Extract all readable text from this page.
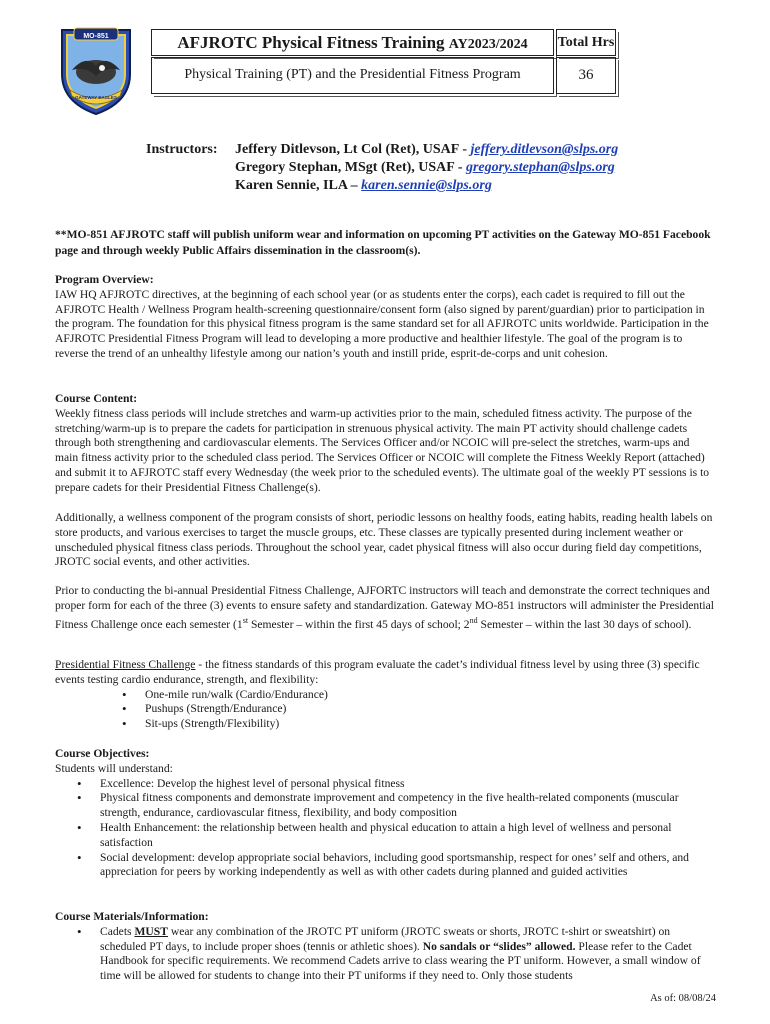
MO-851
GATEWAY EAGLES
AFJROTC Physical Fitness Training AY2023/2024
Physical Training (PT) and the Presidential Fitness Program
Total Hrs
36
Instructors: Jeffery Ditlevson, Lt Col (Ret), USAF - jeffery.ditlevson@slps.org
Gregory Stephan, MSgt (Ret), USAF - gregory.stephan@slps.org
Karen Sennie, ILA – karen.sennie@slps.org

**MO-851 AFJROTC staff will publish uniform wear and information on upcoming PT activities on the Gateway MO-851 Facebook page and through weekly Public Affairs dissemination in the classroom(s).

Program Overview:

IAW HQ AFJROTC directives, at the beginning of each school year (or as students enter the corps), each cadet is required to fill out the AFJROTC Health / Wellness Program health-screening questionnaire/consent form (also signed by parent/guardian) prior to participation in the program. The foundation for this physical fitness program is the same standard set for all AFJROTC units worldwide. Participation in the AFJROTC Presidential Fitness Program will lead to developing a more productive and healthier lifestyle. The goal of the program is to reverse the trend of an unhealthy lifestyle among our nation’s youth and instill pride, esprit-de-corps and unit cohesion.

Course Content:

Weekly fitness class periods will include stretches and warm-up activities prior to the main, scheduled fitness activity. The purpose of the stretching/warm-up is to prepare the cadets for participation in strenuous physical activity. The main PT activity should challenge cadets through both strengthening and cardiovascular elements. The Services Officer and/or NCOIC will pre-select the stretches, warm-ups and main fitness activity prior to the scheduled class period. The Services Officer or NCOIC will complete the Fitness Weekly Report (attached) and submit it to AFJROTC staff every Wednesday (the week prior to the scheduled events). The ultimate goal of the weekly PT sessions is to prepare cadets for their Presidential Fitness Challenge(s).

Additionally, a wellness component of the program consists of short, periodic lessons on healthy foods, eating habits, reading health labels on store products, and various exercises to target the muscle groups, etc. These classes are typically presented during inclement weather or unscheduled physical fitness class periods. Throughout the school year, cadet physical fitness will also occur during field day competitions, JROTC social events, and other activities.

Prior to conducting the bi-annual Presidential Fitness Challenge, AJFORTC instructors will teach and demonstrate the correct techniques and proper form for each of the three (3) events to ensure safety and standardization. Gateway MO-851 instructors will administer the Presidential Fitness Challenge once each semester (1st Semester – within the first 45 days of school; 2nd Semester – within the last 30 days of school).

Presidential Fitness Challenge - the fitness standards of this program evaluate the cadet’s individual fitness level by using three (3) specific events testing cardio endurance, strength, and flexibility:

• One-mile run/walk (Cardio/Endurance)
• Pushups (Strength/Endurance)
• Sit-ups (Strength/Flexibility)

Course Objectives:

Students will understand:

• Excellence: Develop the highest level of personal physical fitness
• Physical fitness components and demonstrate improvement and competency in the five health-related components (muscular strength, endurance, cardiovascular fitness, flexibility, and body composition
• Health Enhancement: the relationship between health and physical education to attain a high level of wellness and personal satisfaction
• Social development: develop appropriate social behaviors, including good sportsmanship, respect for ones’ self and others, and appreciation for peers by working independently as well as with other cadets during planned and guided activities

Course Materials/Information:

• Cadets MUST wear any combination of the JROTC PT uniform (JROTC sweats or shorts, JROTC t-shirt or sweatshirt) on scheduled PT days, to include proper shoes (tennis or athletic shoes). No sandals or “slides” allowed. Please refer to the Cadet Handbook for specific requirements. We recommend Cadets arrive to class wearing the PT uniform. However, a small window of time will be allowed for students to change into their PT uniforms if they need to. Only those students
As of: 08/08/24
